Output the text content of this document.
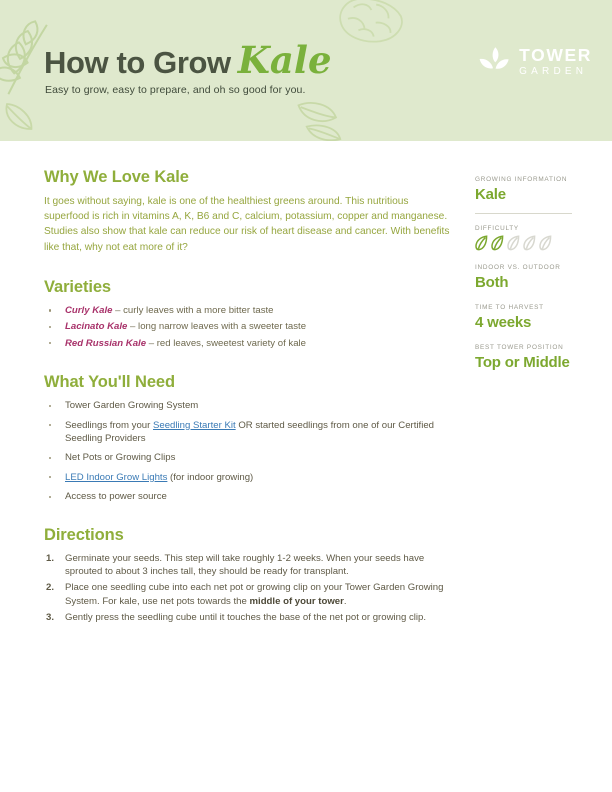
How to Grow Kale
Easy to grow, easy to prepare, and oh so good for you.
TOWER
GARDEN
Why We Love Kale
It goes without saying, kale is one of the healthiest greens around. This nutritious superfood is rich in vitamins A, K, B6 and C, calcium, potassium, copper and manganese. Studies also show that kale can reduce our risk of heart disease and cancer. With benefits like that, why not eat more of it?
Varieties
Curly Kale – curly leaves with a more bitter taste
Lacinato Kale – long narrow leaves with a sweeter taste
Red Russian Kale – red leaves, sweetest variety of kale
What You'll Need
Tower Garden Growing System
Seedlings from your Seedling Starter Kit OR started seedlings from one of our Certified Seedling Providers
Net Pots or Growing Clips
LED Indoor Grow Lights (for indoor growing)
Access to power source
Directions
1. Germinate your seeds. This step will take roughly 1-2 weeks. When your seeds have sprouted to about 3 inches tall, they should be ready for transplant.
2. Place one seedling cube into each net pot or growing clip on your Tower Garden Growing System. For kale, use net pots towards the middle of your tower.
3. Gently press the seedling cube until it touches the base of the net pot or growing clip.
GROWING INFORMATION
Kale
DIFFICULTY
INDOOR VS. OUTDOOR
Both
TIME TO HARVEST
4 weeks
BEST TOWER POSITION
Top or Middle
